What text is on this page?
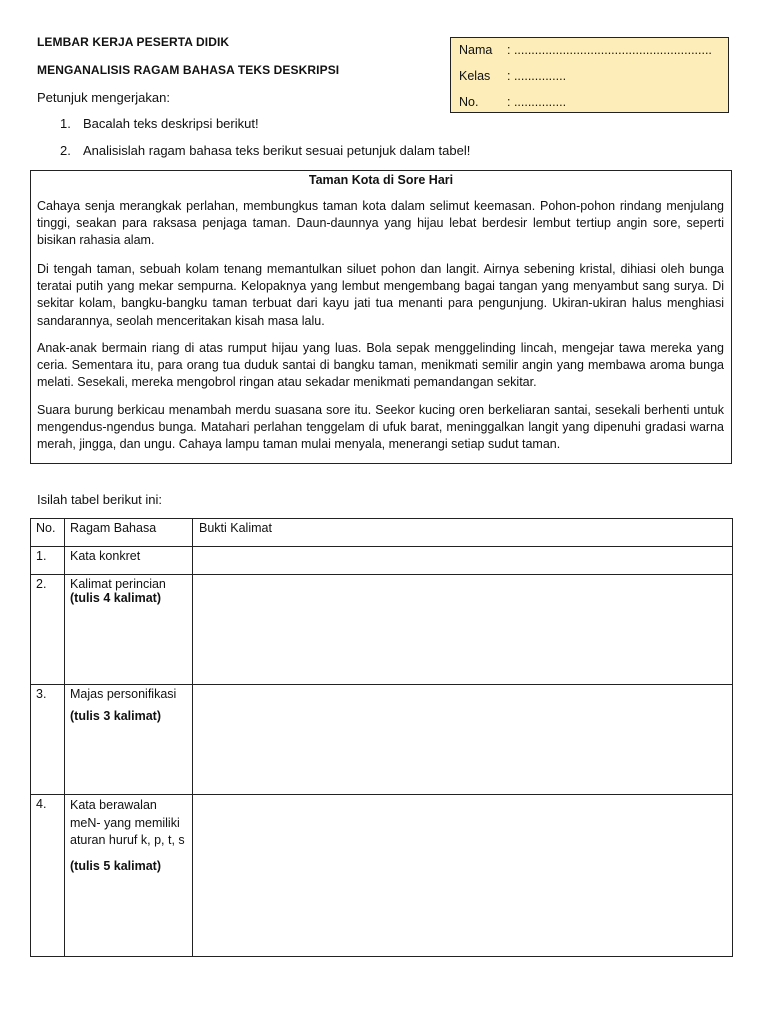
LEMBAR KERJA PESERTA DIDIK
MENGANALISIS RAGAM BAHASA TEKS DESKRIPSI
Petunjuk mengerjakan:
1. Bacalah teks deskripsi berikut!
2. Analisislah ragam bahasa teks berikut sesuai petunjuk dalam tabel!
Nama : .........................................................
Kelas : ...............
No. : ...............
Taman Kota di Sore Hari

Cahaya senja merangkak perlahan, membungkus taman kota dalam selimut keemasan. Pohon-pohon rindang menjulang tinggi, seakan para raksasa penjaga taman. Daun-daunnya yang hijau lebat berdesir lembut tertiup angin sore, seperti bisikan rahasia alam.

Di tengah taman, sebuah kolam tenang memantulkan siluet pohon dan langit. Airnya sebening kristal, dihiasi oleh bunga teratai putih yang mekar sempurna. Kelopaknya yang lembut mengembang bagai tangan yang menyambut sang surya. Di sekitar kolam, bangku-bangku taman terbuat dari kayu jati tua menanti para pengunjung. Ukiran-ukiran halus menghiasi sandarannya, seolah menceritakan kisah masa lalu.

Anak-anak bermain riang di atas rumput hijau yang luas. Bola sepak menggelinding lincah, mengejar tawa mereka yang ceria. Sementara itu, para orang tua duduk santai di bangku taman, menikmati semilir angin yang membawa aroma bunga melati. Sesekali, mereka mengobrol ringan atau sekadar menikmati pemandangan sekitar.

Suara burung berkicau menambah merdu suasana sore itu. Seekor kucing oren berkeliaran santai, sesekali berhenti untuk mengendus-ngendus bunga. Matahari perlahan tenggelam di ufuk barat, meninggalkan langit yang dipenuhi gradasi warna merah, jingga, dan ungu. Cahaya lampu taman mulai menyala, menerangi setiap sudut taman.

Isilah tabel berikut ini:
No.	Ragam Bahasa	Bukti Kalimat
1.	Kata konkret	
2.	Kalimat perincian
(tulis 4 kalimat)	

3.	Majas personifikasi
(tulis 3 kalimat)	

4.	Kata berawalan meN- yang memiliki aturan huruf k, p, t, s
(tulis 5 kalimat)	
